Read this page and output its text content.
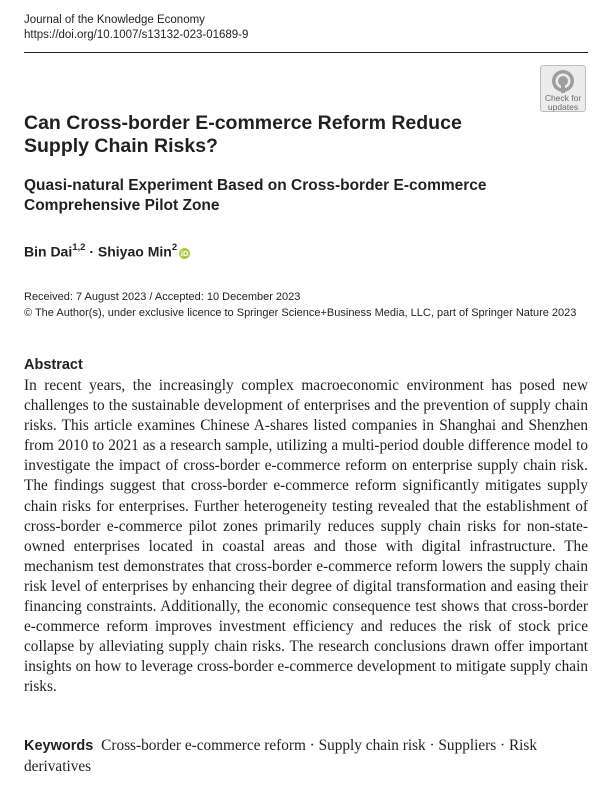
Journal of the Knowledge Economy
https://doi.org/10.1007/s13132-023-01689-9
Check for
updates
Can Cross-border E-commerce Reform Reduce Supply Chain Risks?
Quasi-natural Experiment Based on Cross-border E-commerce Comprehensive Pilot Zone
Bin Dai$^{1,2}$ · Shiyao Min$^2$iD
Received: 7 August 2023 / Accepted: 10 December 2023
© The Author(s), under exclusive licence to Springer Science+Business Media, LLC, part of Springer Nature 2023
Abstract

In recent years, the increasingly complex macroeconomic environment has posed new challenges to the sustainable development of enterprises and the prevention of supply chain risks. This article examines Chinese A-shares listed companies in Shanghai and Shenzhen from 2010 to 2021 as a research sample, utilizing a multi-period double difference model to investigate the impact of cross-border e-commerce reform on enterprise supply chain risk. The findings suggest that cross-border e-commerce reform significantly mitigates supply chain risks for enterprises. Further heterogeneity testing revealed that the establishment of cross-border e-commerce pilot zones primarily reduces supply chain risks for non-state-owned enterprises located in coastal areas and those with digital infrastructure. The mechanism test demonstrates that cross-border e-commerce reform lowers the supply chain risk level of enterprises by enhancing their degree of digital transformation and easing their financing constraints. Additionally, the economic consequence test shows that cross-border e-commerce reform improves investment efficiency and reduces the risk of stock price collapse by alleviating supply chain risks. The research conclusions drawn offer important insights on how to leverage cross-border e-commerce development to mitigate supply chain risks.

Keywords Cross-border e-commerce reform · Supply chain risk · Suppliers · Risk derivatives
